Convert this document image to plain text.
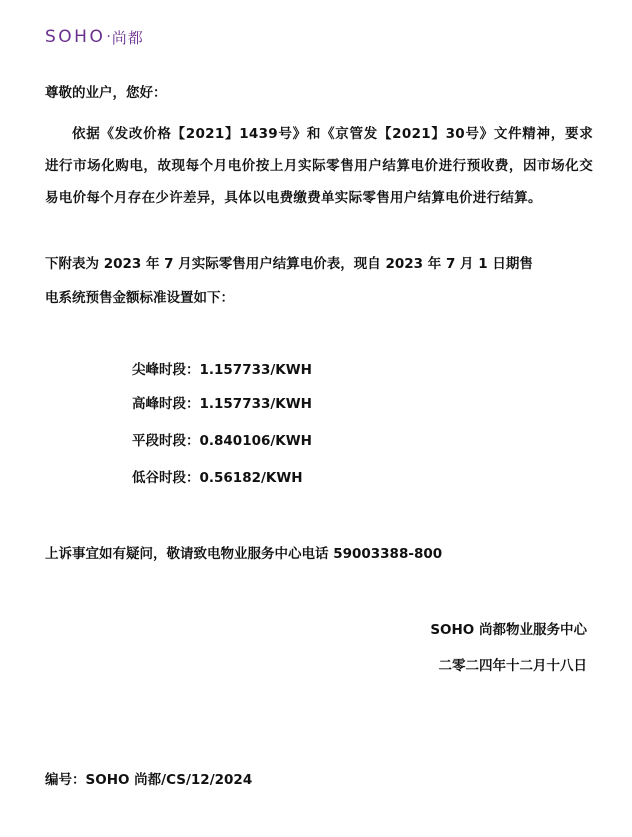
SOHO · 尚都
尊敬的业户，您好：

依据《发改价格【2021】1439号》和《京管发【2021】30号》文件精神，要求进行市场化购电，故现每个月电价按上月实际零售用户结算电价进行预收费，因市场化交易电价每个月存在少许差异，具体以电费缴费单实际零售用户结算电价进行结算。

下附表为 2023 年 7 月实际零售用户结算电价表，现自 2023 年 7 月 1 日期售
电系统预售金额标准设置如下：
尖峰时段：1.157733/KWH
高峰时段：1.157733/KWH
平段时段：0.840106/KWH
低谷时段：0.56182/KWH
上诉事宜如有疑问，敬请致电物业服务中心电话 59003388-800
SOHO 尚都物业服务中心
二零二四年十二月十八日
编号：SOHO 尚都/CS/12/2024
